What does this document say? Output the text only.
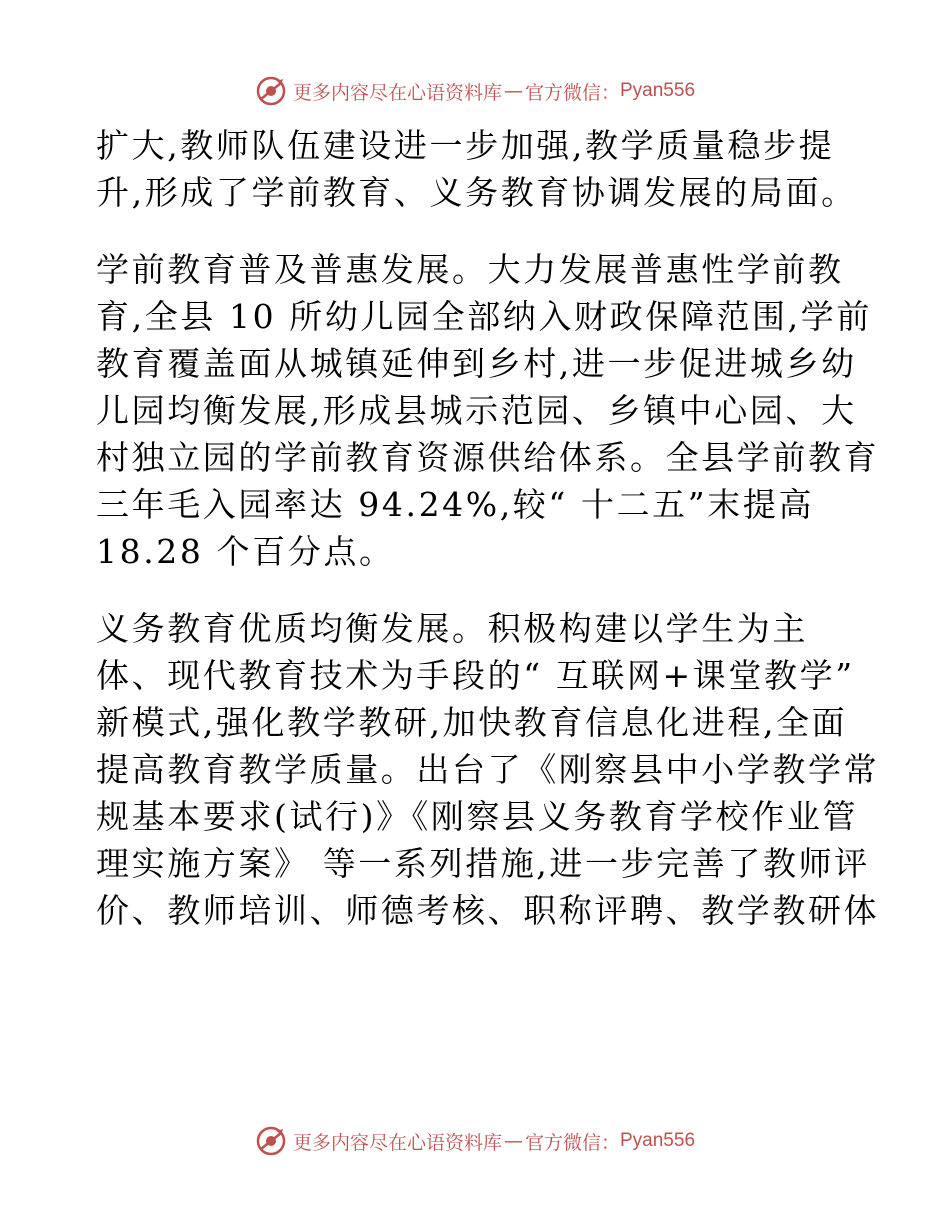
更多内容尽在心语资料库 — 官方微信： Pyan556
扩大,教师队伍建设进一步加强,教学质量稳步提
升,形成了学前教育、义务教育协调发展的局面。
学前教育普及普惠发展。大力发展普惠性学前教
育,全县 10 所幼儿园全部纳入财政保障范围,学前
教育覆盖面从城镇延伸到乡村,进一步促进城乡幼
儿园均衡发展,形成县城示范园、乡镇中心园、大
村独立园的学前教育资源供给体系。全县学前教育
三年毛入园率达 94.24%,较“ 十二五”末提高
18.28 个百分点。
义务教育优质均衡发展。积极构建以学生为主
体、现代教育技术为手段的“ 互联网+课堂教学”
新模式,强化教学教研,加快教育信息化进程,全面
提高教育教学质量。出台了《刚察县中小学教学常
规基本要求(试行)》《刚察县义务教育学校作业管
理实施方案》 等一系列措施,进一步完善了教师评
价、教师培训、师德考核、职称评聘、教学教研体
更多内容尽在心语资料库 — 官方微信： Pyan556
